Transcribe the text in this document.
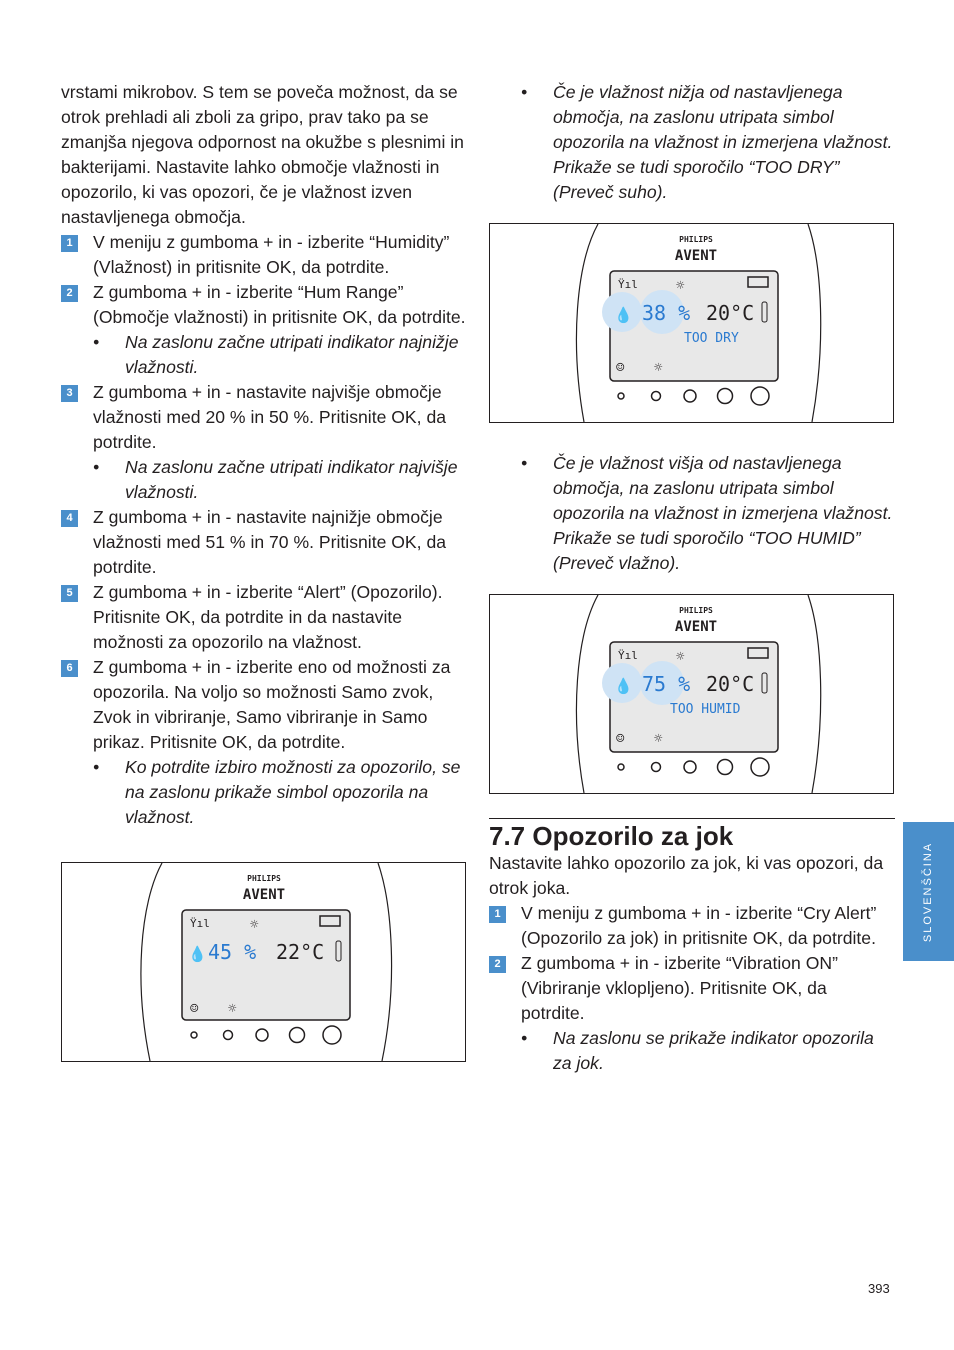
vrstami mikrobov. S tem se poveča možnost, da se otrok prehladi ali zboli za gripo, prav tako pa se zmanjša njegova odpornost na okužbe s plesnimi in bakterijami. Nastavite lahko območje vlažnosti in opozorilo, ki vas opozori, če je vlažnost izven nastavljenega območja.

1	V meniju z gumboma + in - izberite “Humidity” (Vlažnost) in pritisnite OK, da potrdite.
2	Z gumboma + in - izberite “Hum Range” (Območje vlažnosti) in pritisnite OK, da potrdite.
• Na zaslonu začne utripati indikator najnižje vlažnosti.
3	Z gumboma + in - nastavite najvišje območje vlažnosti med 20 % in 50 %. Pritisnite OK, da potrdite.
• Na zaslonu začne utripati indikator najvišje vlažnosti.
4	Z gumboma + in - nastavite najnižje območje vlažnosti med 51 % in 70 %. Pritisnite OK, da potrdite.
5	Z gumboma + in - izberite “Alert” (Opozorilo). Pritisnite OK, da potrdite in da nastavite možnosti za opozorilo na vlažnost.
6	Z gumboma + in - izberite eno od možnosti za opozorila. Na voljo so možnosti Samo zvok, Zvok in vibriranje, Samo vibriranje in Samo prikaz. Pritisnite OK, da potrdite.
• Ko potrdite izbiro možnosti za opozorilo, se na zaslonu prikaže simbol opozorila na vlažnost.
PHILIPS
AVENT
Ÿıl	☼
💧 45 % 22°C
☺ ☼
• Če je vlažnost nižja od nastavljenega območja, na zaslonu utripata simbol opozorila na vlažnost in izmerjena vlažnost. Prikaže se tudi sporočilo “TOO DRY” (Preveč suho).
PHILIPS
AVENT
Ÿıl	☼
💧 38 % 20°C
TOO DRY
☺ ☼
• Če je vlažnost višja od nastavljenega območja, na zaslonu utripata simbol opozorila na vlažnost in izmerjena vlažnost. Prikaže se tudi sporočilo “TOO HUMID” (Preveč vlažno).
PHILIPS
AVENT
Ÿıl	☼
💧 75 % 20°C
TOO HUMID
☺ ☼
7.7 Opozorilo za jok

Nastavite lahko opozorilo za jok, ki vas opozori, da otrok joka.

1	V meniju z gumboma + in - izberite “Cry Alert” (Opozorilo za jok) in pritisnite OK, da potrdite.
2	Z gumboma + in - izberite “Vibration ON” (Vibriranje vklopljeno). Pritisnite OK, da potrdite.
• Na zaslonu se prikaže indikator opozorila za jok.
SLOVENŠČINA
393
